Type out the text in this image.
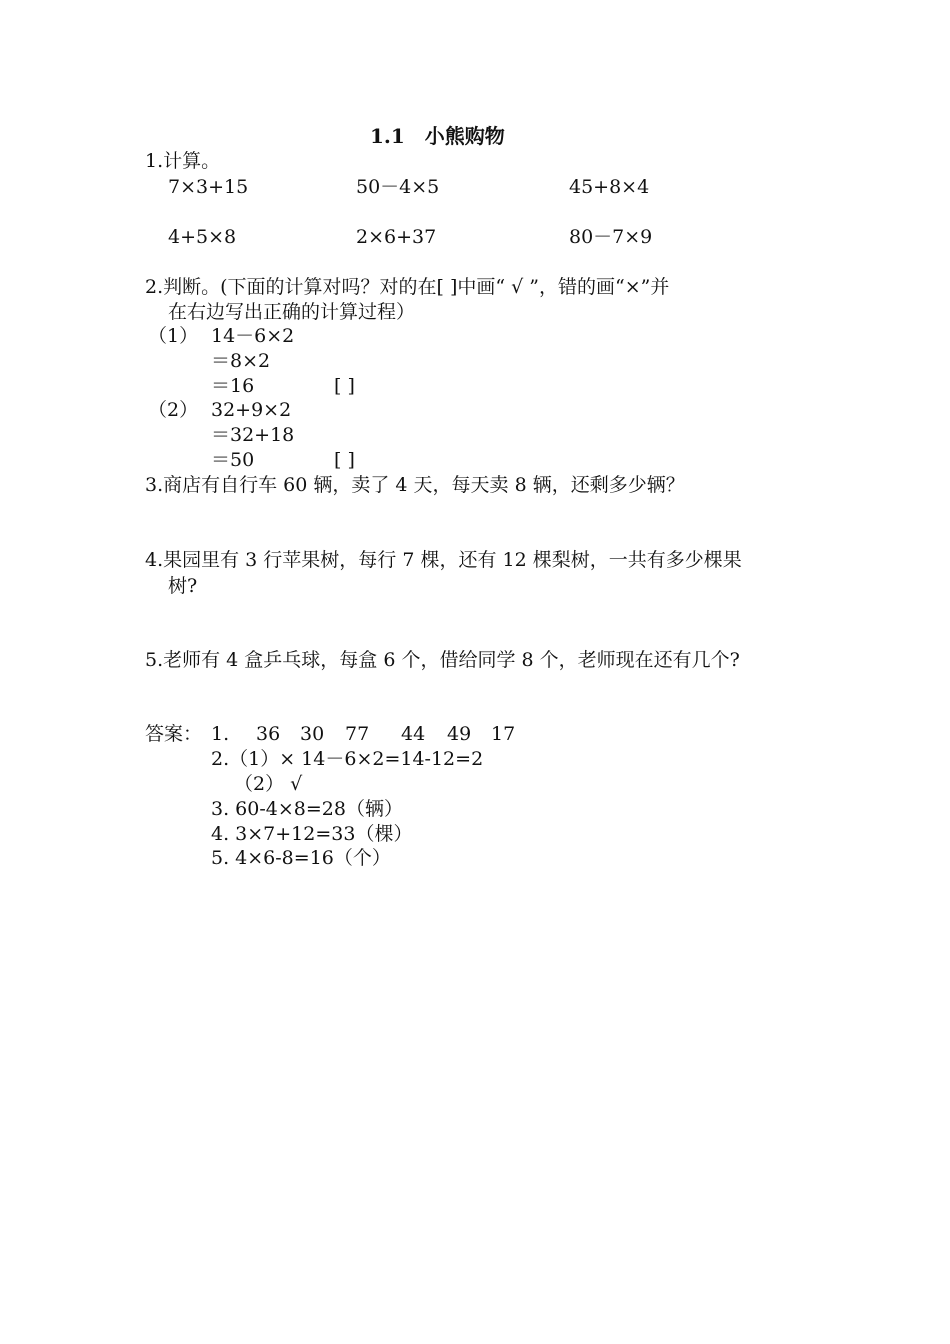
1.1　小熊购物
1.计算。
7×3+15	50－4×5	45+8×4
4+5×8	2×6+37	80－7×9
2.判断。(下面的计算对吗？对的在[ ]中画“ √ ”，错的画“×”并
在右边写出正确的计算过程）
（1） 14－6×2
＝8×2
＝16	[ ]
（2） 32+9×2
＝32+18
＝50	[ ]
3.商店有自行车 60 辆，卖了 4 天，每天卖 8 辆，还剩多少辆？
4.果园里有 3 行苹果树，每行 7 棵，还有 12 棵梨树，一共有多少棵果
树?
5.老师有 4 盒乒乓球，每盒 6 个，借给同学 8 个，老师现在还有几个?
答案： 1. 36 30 77 44 49 17
2.（1）× 14－6×2=14-12=2
（2） √
3. 60-4×8=28（辆）
4. 3×7+12=33（棵）
5. 4×6-8=16（个）
